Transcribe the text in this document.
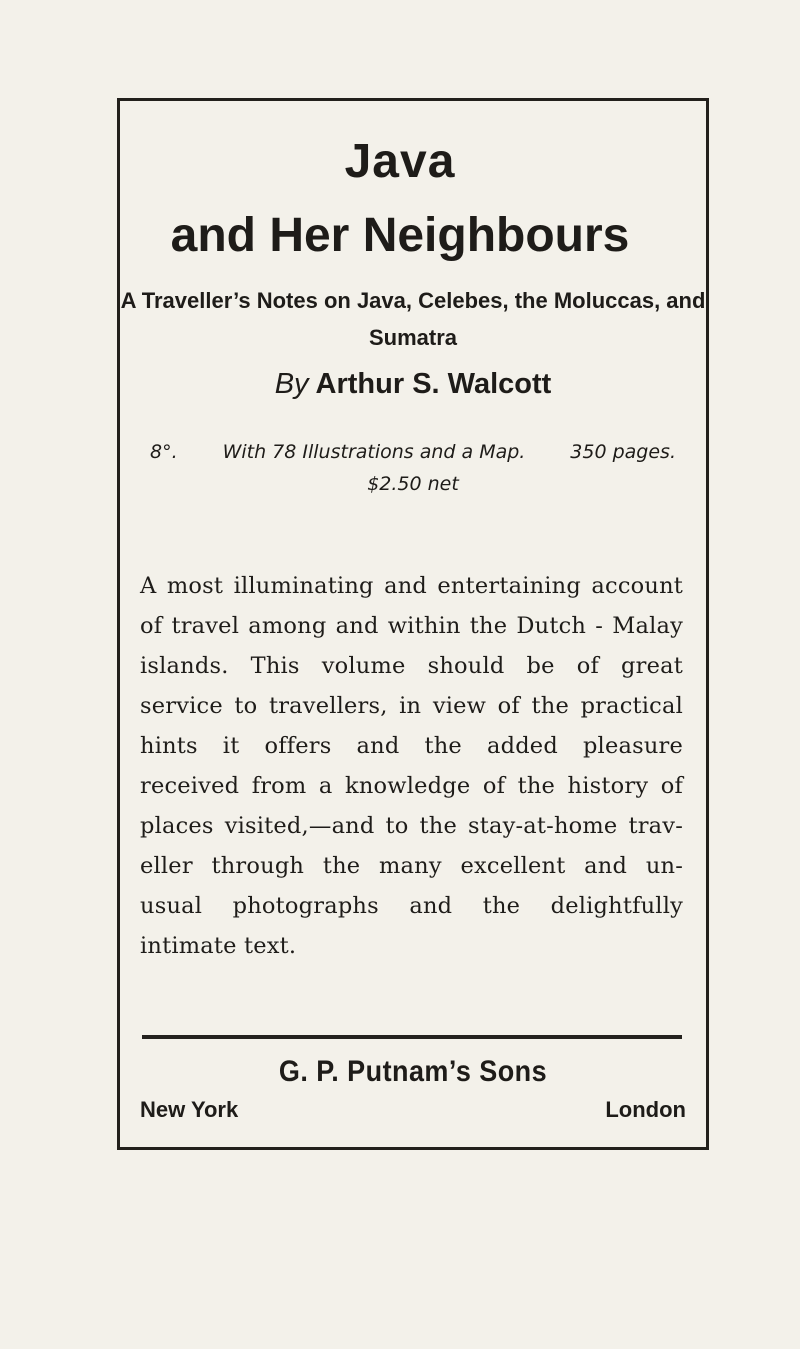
Java
and Her Neighbours

A Traveller’s Notes on Java, Celebes, the Moluccas, and Sumatra

By Arthur S. Walcott
8°. With 78 Illustrations and a Map. 350 pages.
$2.50 net

A most illuminating and entertaining account of travel among and within the Dutch - Malay islands. This volume should be of great service to travellers, in view of the practical hints it offers and the added pleasure received from a knowledge of the history of places visited,—and to the stay-at-home trav- eller through the many excellent and un- usual photographs and the delightfully intimate text.

G. P. Putnam’s Sons
New York	London
